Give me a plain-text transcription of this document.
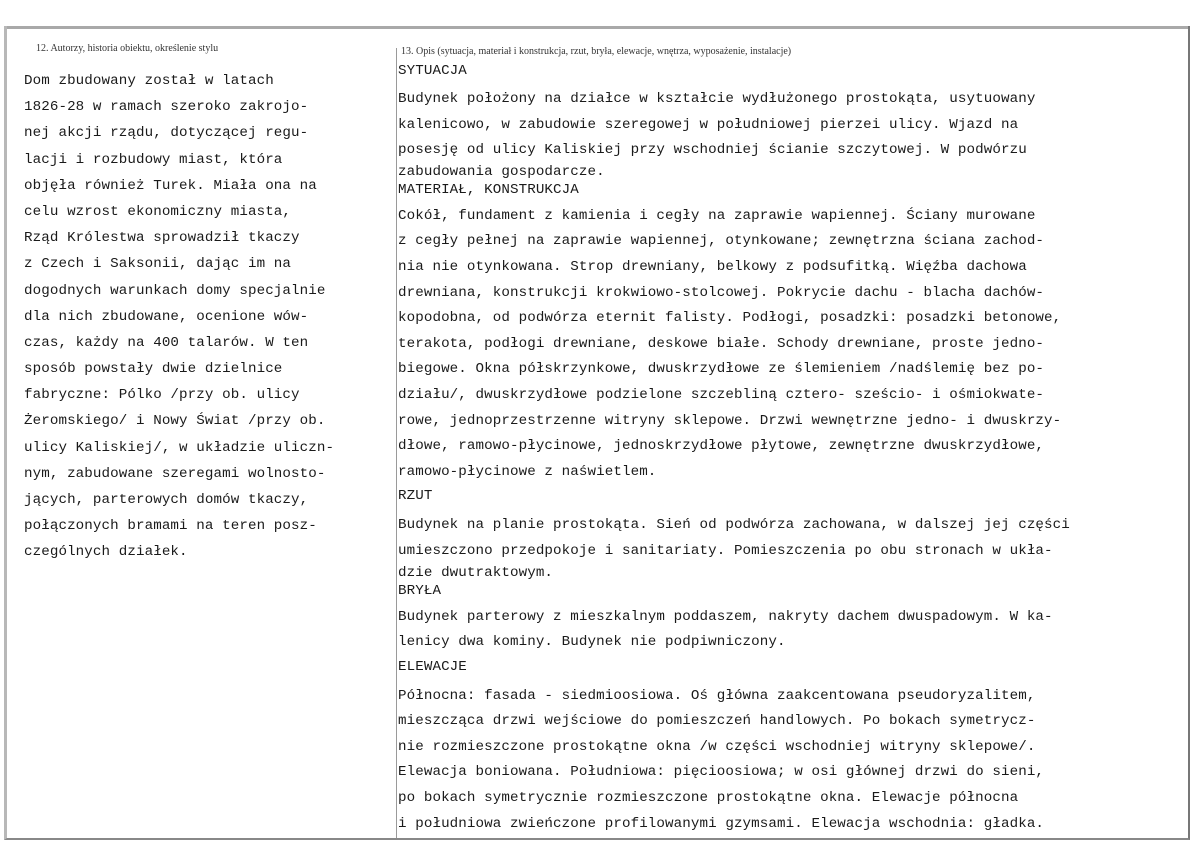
12. Autorzy, historia obiektu, określenie stylu	13. Opis (sytuacja, materiał i konstrukcja, rzut, bryła, elewacje, wnętrza, wyposażenie, instalacje)
Dom zbudowany został w latach
1826-28 w ramach szeroko zakrojo-
nej akcji rządu, dotyczącej regu-
lacji i rozbudowy miast, która
objęła również Turek. Miała ona na
celu wzrost ekonomiczny miasta,
Rząd Królestwa sprowadził tkaczy
z Czech i Saksonii, dając im na
dogodnych warunkach domy specjalnie
dla nich zbudowane, ocenione wów-
czas, każdy na 400 talarów. W ten
sposób powstały dwie dzielnice
fabryczne: Pólko /przy ob. ulicy
Żeromskiego/ i Nowy Świat /przy ob.
ulicy Kaliskiej/, w układzie uliczn-
nym, zabudowane szeregami wolnosto-
jących, parterowych domów tkaczy,
połączonych bramami na teren posz-
czególnych działek.
SYTUACJA
Budynek położony na działce w kształcie wydłużonego prostokąta, usytuowany
kalenicowo, w zabudowie szeregowej w południowej pierzei ulicy. Wjazd na
posesję od ulicy Kaliskiej przy wschodniej ścianie szczytowej. W podwórzu
zabudowania gospodarcze.
MATERIAŁ, KONSTRUKCJA
Cokół, fundament z kamienia i cegły na zaprawie wapiennej. Ściany murowane
z cegły pełnej na zaprawie wapiennej, otynkowane; zewnętrzna ściana zachod-
nia nie otynkowana. Strop drewniany, belkowy z podsufitką. Więźba dachowa
drewniana, konstrukcji krokwiowo-stolcowej. Pokrycie dachu - blacha dachów-
kopodobna, od podwórza eternit falisty. Podłogi, posadzki: posadzki betonowe,
terakota, podłogi drewniane, deskowe białe. Schody drewniane, proste jedno-
biegowe. Okna półskrzynkowe, dwuskrzydłowe ze ślemieniem /nadślemię bez po-
działu/, dwuskrzydłowe podzielone szczebliną cztero- sześcio- i ośmiokwate-
rowe, jednoprzestrzenne witryny sklepowe. Drzwi wewnętrzne jedno- i dwuskrzy-
dłowe, ramowo-płycinowe, jednoskrzydłowe płytowe, zewnętrzne dwuskrzydłowe,
ramowo-płycinowe z naświetlem.
RZUT
Budynek na planie prostokąta. Sień od podwórza zachowana, w dalszej jej części
umieszczono przedpokoje i sanitariaty. Pomieszczenia po obu stronach w ukła-
dzie dwutraktowym.
BRYŁA
Budynek parterowy z mieszkalnym poddaszem, nakryty dachem dwuspadowym. W ka-
lenicy dwa kominy. Budynek nie podpiwniczony.
ELEWACJE
Północna: fasada - siedmioosiowa. Oś główna zaakcentowana pseudoryzalitem,
mieszcząca drzwi wejściowe do pomieszczeń handlowych. Po bokach symetrycz-
nie rozmieszczone prostokątne okna /w części wschodniej witryny sklepowe/.
Elewacja boniowana. Południowa: pięcioosiowa; w osi głównej drzwi do sieni,
po bokach symetrycznie rozmieszczone prostokątne okna. Elewacje północna
i południowa zwieńczone profilowanymi gzymsami. Elewacja wschodnia: gładka.
